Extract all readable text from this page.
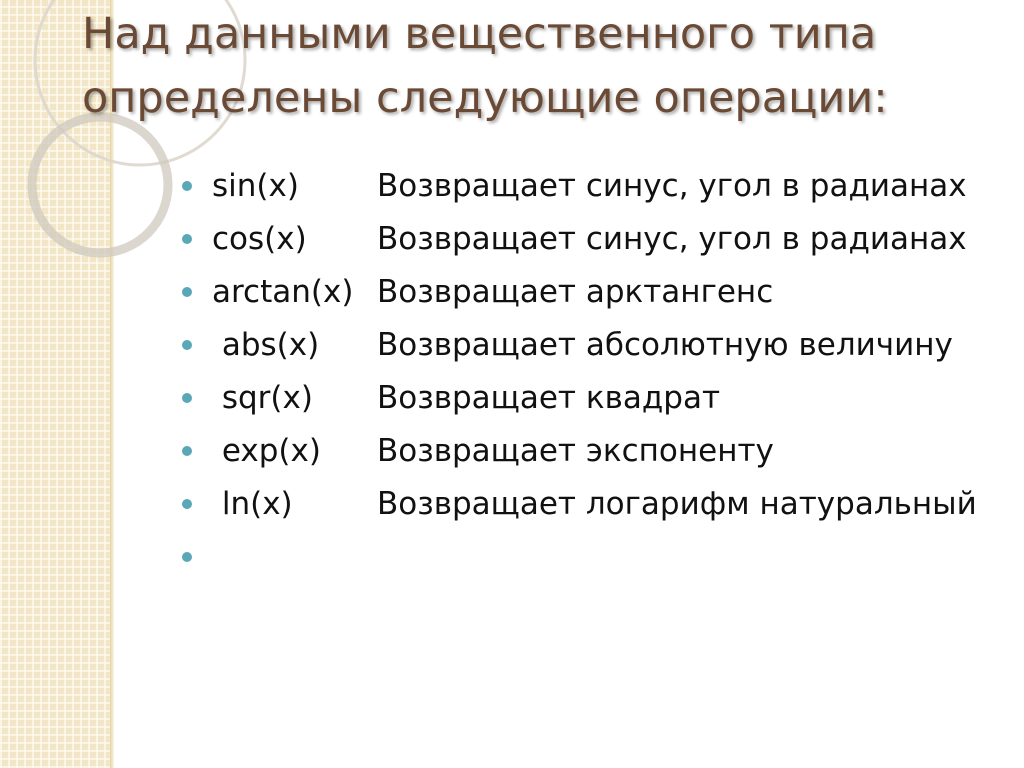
Над данными вещественного типа определены следующие операции:
sin(x)	Возвращает синус, угол в радианах
cos(x) Возвращает синус, угол в радианах
arctan(x) Возвращает арктангенс
abs(x) Возвращает абсолютную величину
sqr(x) Возвращает квадрат
exp(x) Возвращает экспоненту
ln(x)	Возвращает логарифм натуральный
